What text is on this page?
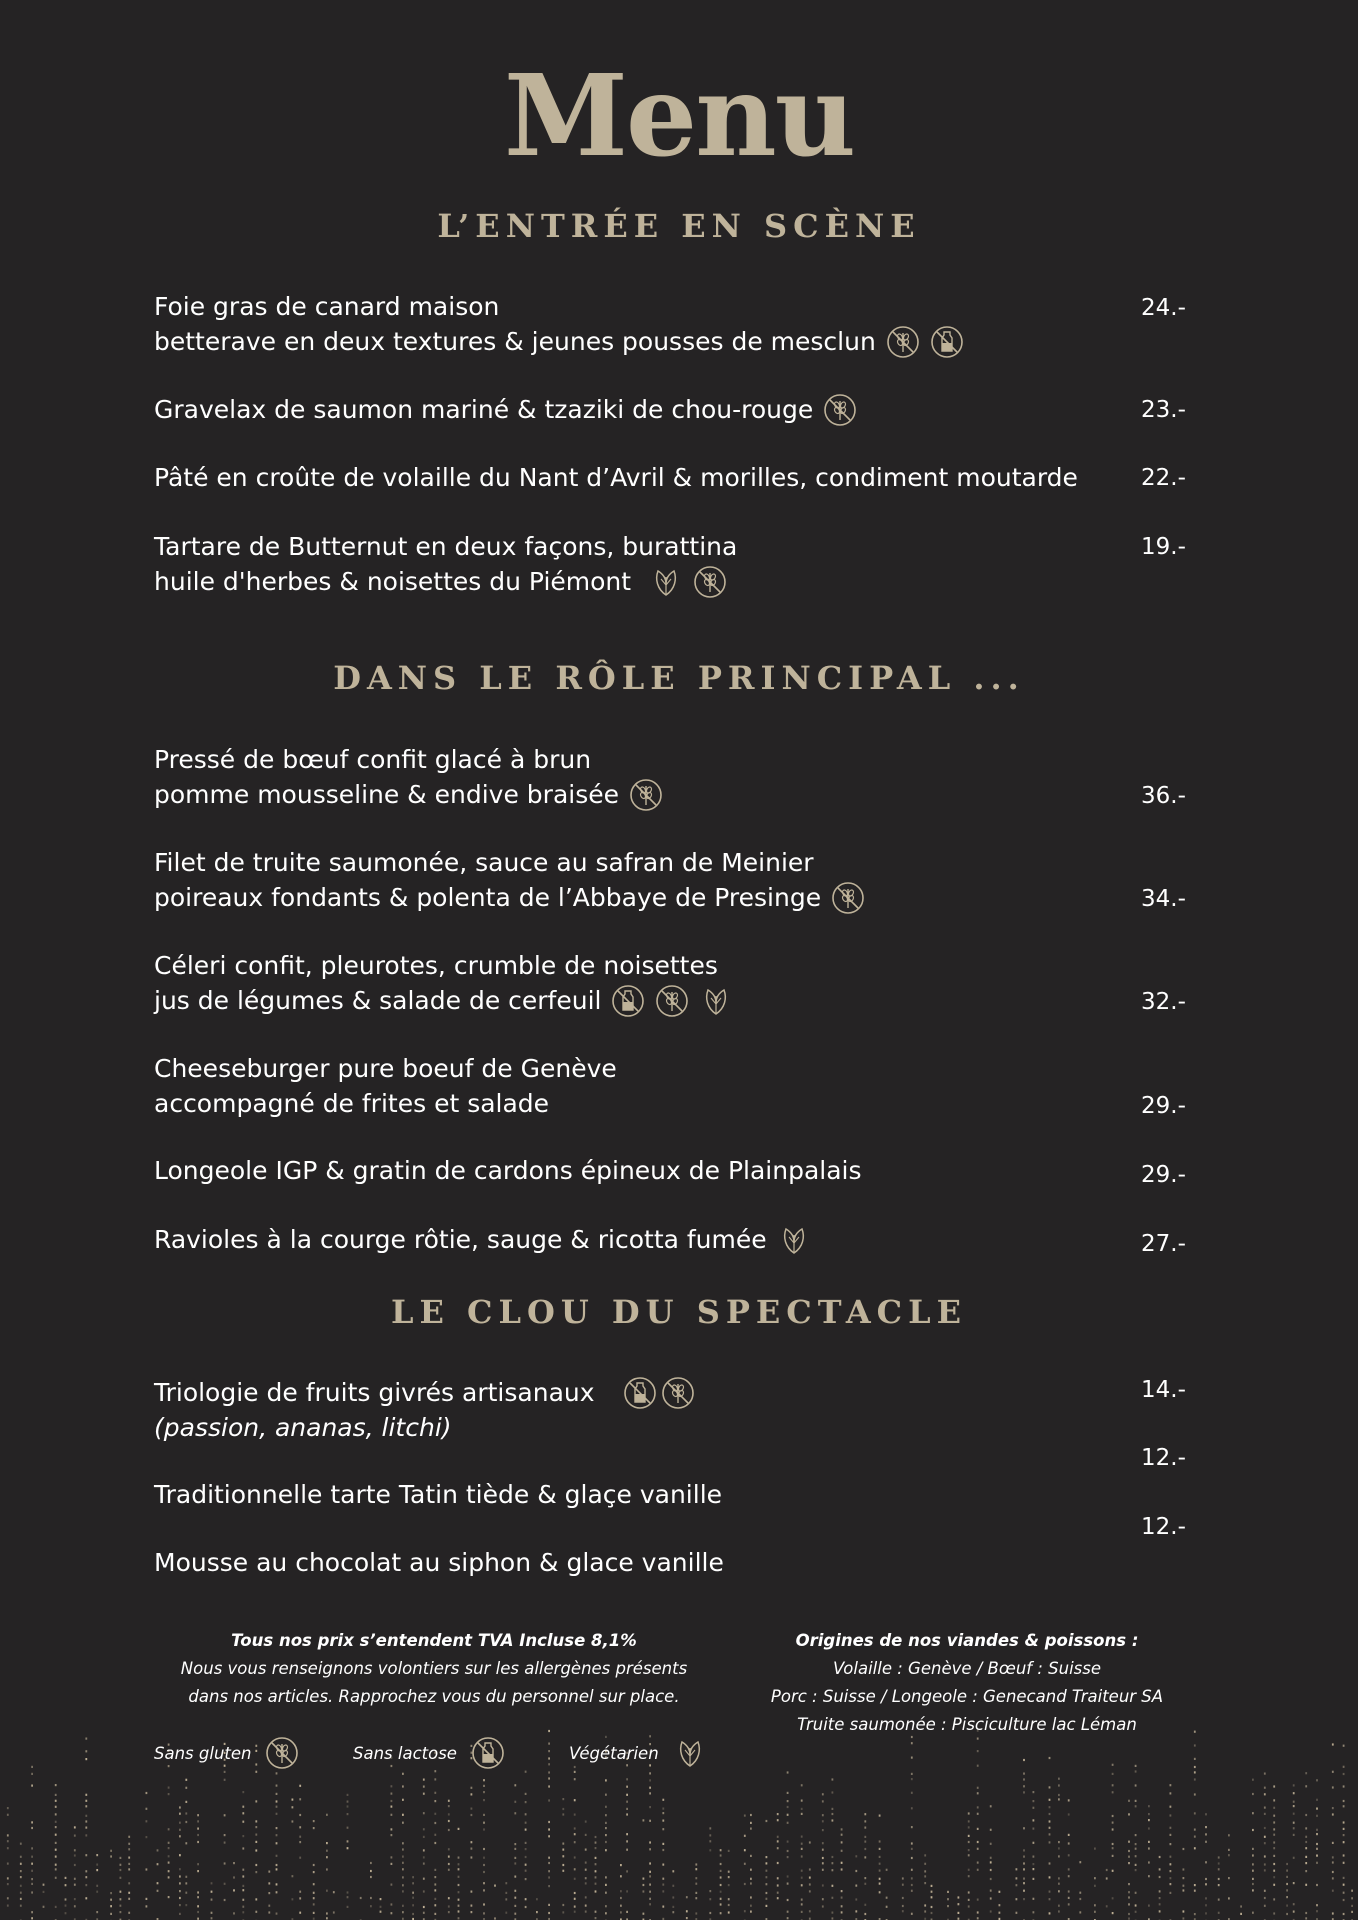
Menu
L’ENTRÉE EN SCÈNE
Foie gras de canard maison
betterave en deux textures & jeunes pousses de mesclun
24.-
Gravelax de saumon mariné & tzaziki de chou-rouge	23.-
Pâté en croûte de volaille du Nant d’Avril & morilles, condiment moutarde	22.-
Tartare de Butternut en deux façons, burattina
huile d'herbes & noisettes du Piémont
19.-
DANS LE RÔLE PRINCIPAL ...
Pressé de bœuf confit glacé à brun
pomme mousseline & endive braisée	36.-
Filet de truite saumonée, sauce au safran de Meinier
poireaux fondants & polenta de l’Abbaye de Presinge	34.-
Céleri confit, pleurotes, crumble de noisettes
jus de légumes & salade de cerfeuil	32.-
Cheeseburger pure boeuf de Genève
accompagné de frites et salade	29.-
Longeole IGP & gratin de cardons épineux de Plainpalais	29.-
Ravioles à la courge rôtie, sauge & ricotta fumée	27.-
LE CLOU DU SPECTACLE
Triologie de fruits givrés artisanaux
(passion, ananas, litchi)
14.-
Traditionnelle tarte Tatin tiède & glaçe vanille
12.-
Mousse au chocolat au siphon & glace vanille
12.-
Tous nos prix s’entendent TVA Incluse 8,1%
Nous vous renseignons volontiers sur les allergènes présents
dans nos articles. Rapprochez vous du personnel sur place.
Origines de nos viandes & poissons :
Volaille : Genève / Bœuf : Suisse
Porc : Suisse / Longeole : Genecand Traiteur SA
Truite saumonée : Pisciculture lac Léman
Sans gluten	Sans lactose	Végétarien
